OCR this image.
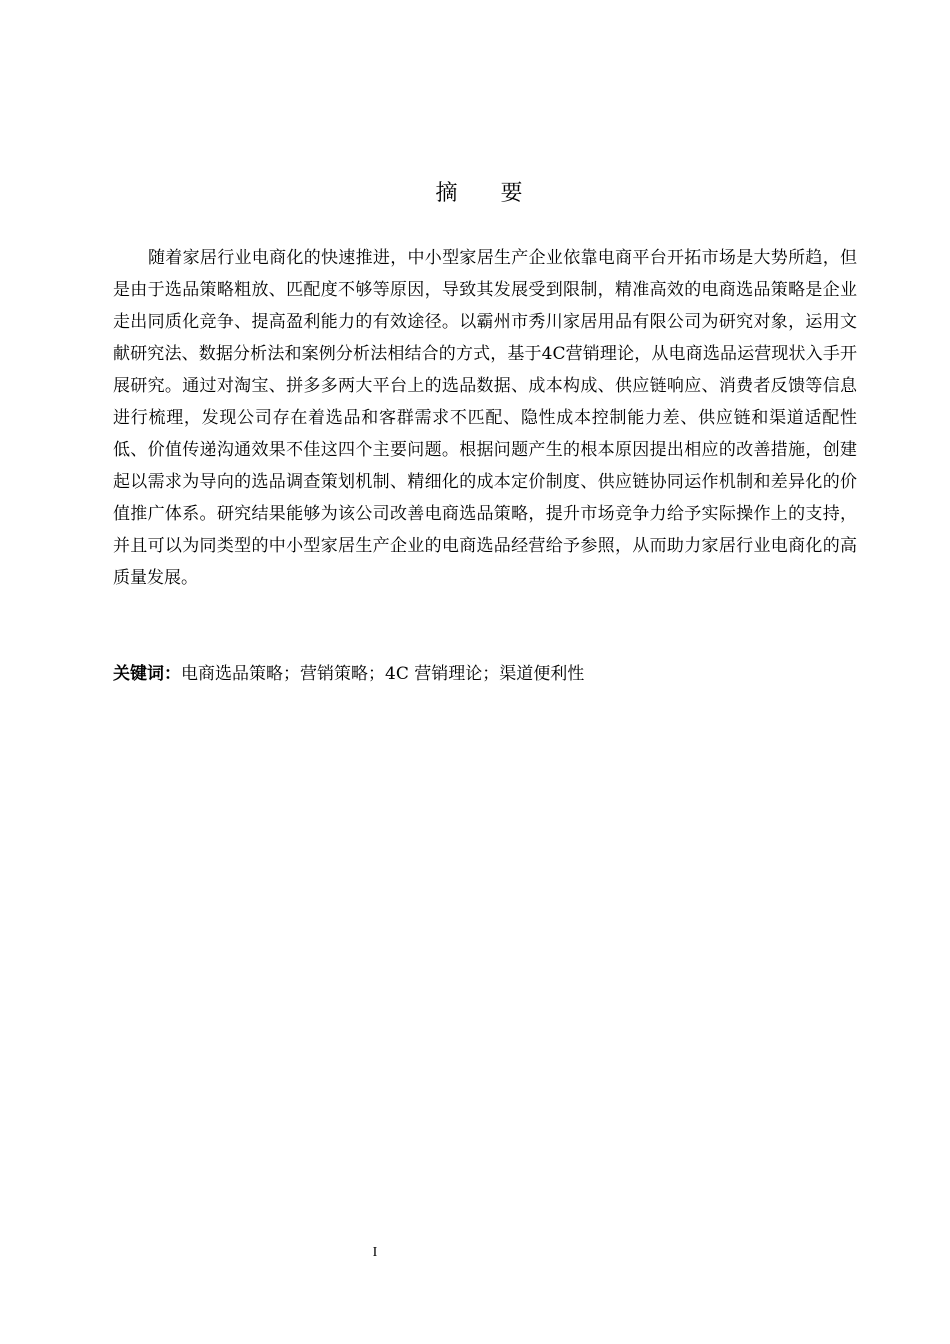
摘 要

随着家居行业电商化的快速推进，中小型家居生产企业依靠电商平台开拓市场是大势所趋，但是由于选品策略粗放、匹配度不够等原因，导致其发展受到限制，精准高效的电商选品策略是企业走出同质化竞争、提高盈利能力的有效途径。以霸州市秀川家居用品有限公司为研究对象，运用文献研究法、数据分析法和案例分析法相结合的方式，基于4C营销理论，从电商选品运营现状入手开展研究。通过对淘宝、拼多多两大平台上的选品数据、成本构成、供应链响应、消费者反馈等信息进行梳理，发现公司存在着选品和客群需求不匹配、隐性成本控制能力差、供应链和渠道适配性低、价值传递沟通效果不佳这四个主要问题。根据问题产生的根本原因提出相应的改善措施，创建起以需求为导向的选品调查策划机制、精细化的成本定价制度、供应链协同运作机制和差异化的价值推广体系。研究结果能够为该公司改善电商选品策略，提升市场竞争力给予实际操作上的支持，并且可以为同类型的中小型家居生产企业的电商选品经营给予参照，从而助力家居行业电商化的高质量发展。

关键词：电商选品策略；营销策略；4C 营销理论；渠道便利性
I
